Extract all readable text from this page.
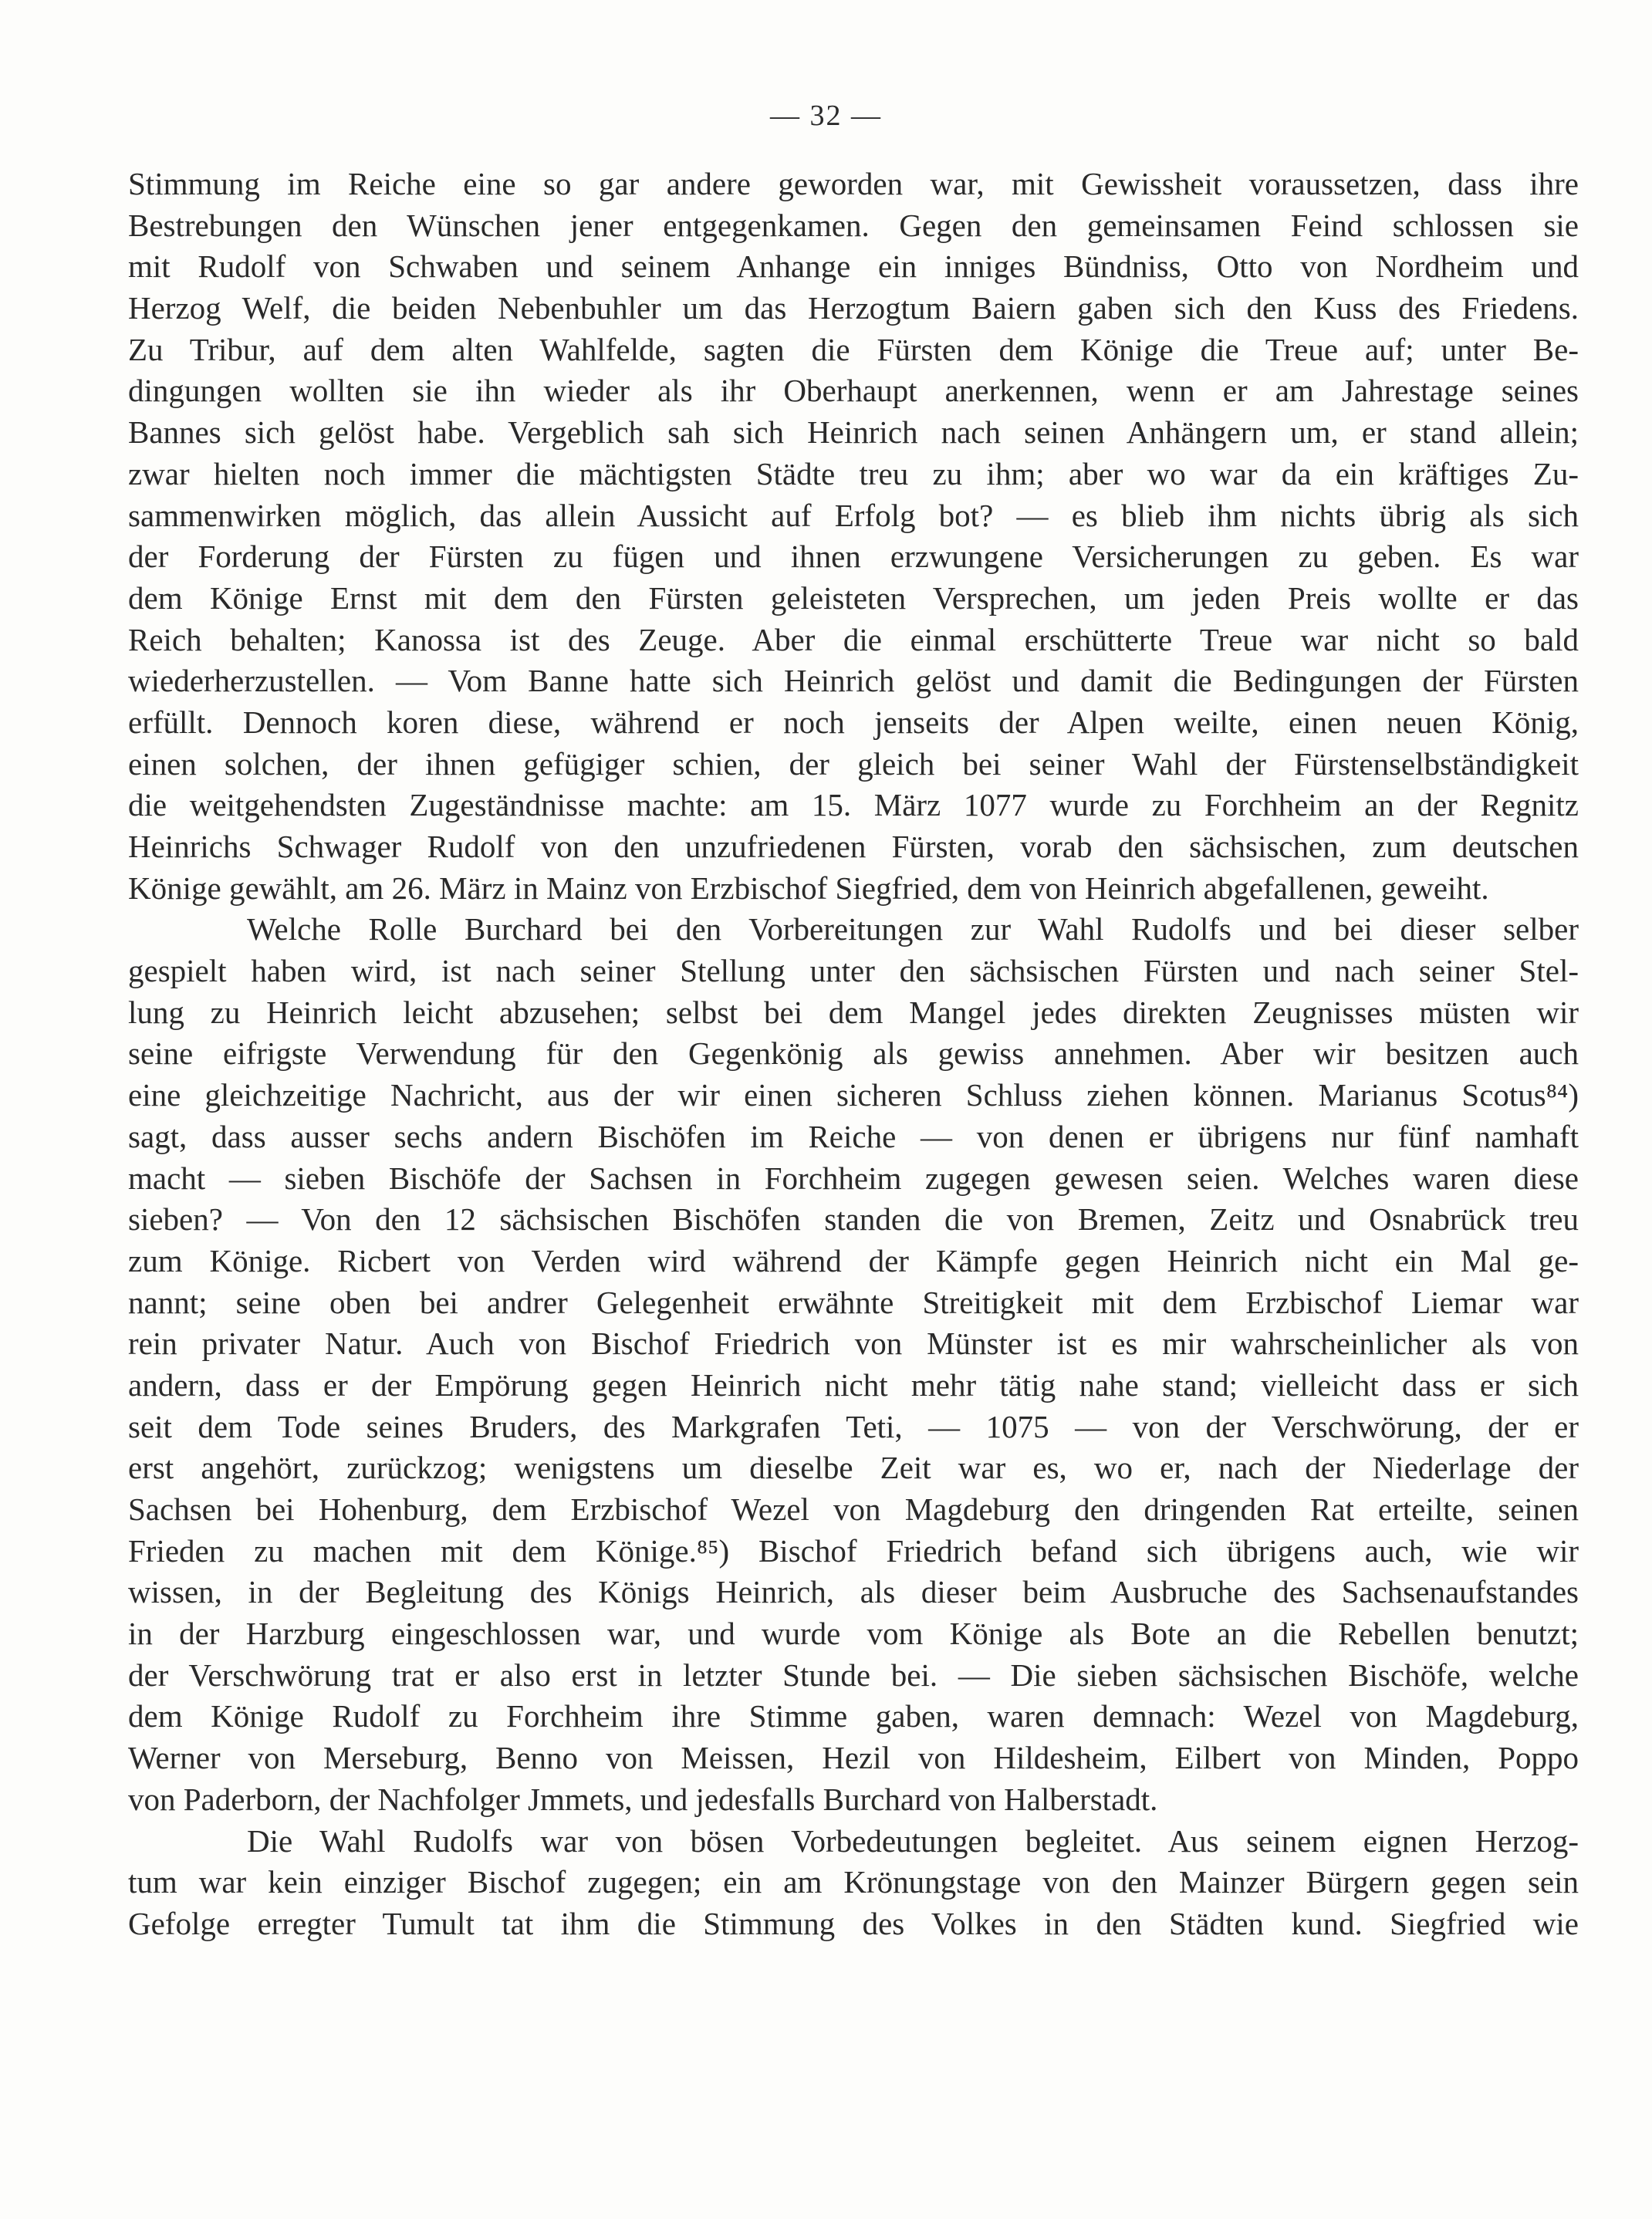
— 32 —
Stimmung im Reiche eine so gar andere geworden war, mit Gewissheit voraussetzen, dass ihre
Bestrebungen den Wünschen jener entgegenkamen. Gegen den gemeinsamen Feind schlossen sie
mit Rudolf von Schwaben und seinem Anhange ein inniges Bündniss, Otto von Nordheim und
Herzog Welf, die beiden Nebenbuhler um das Herzogtum Baiern gaben sich den Kuss des Friedens.
Zu Tribur, auf dem alten Wahlfelde, sagten die Fürsten dem Könige die Treue auf; unter Be-
dingungen wollten sie ihn wieder als ihr Oberhaupt anerkennen, wenn er am Jahrestage seines
Bannes sich gelöst habe. Vergeblich sah sich Heinrich nach seinen Anhängern um, er stand allein;
zwar hielten noch immer die mächtigsten Städte treu zu ihm; aber wo war da ein kräftiges Zu-
sammenwirken möglich, das allein Aussicht auf Erfolg bot? — es blieb ihm nichts übrig als sich
der Forderung der Fürsten zu fügen und ihnen erzwungene Versicherungen zu geben. Es war
dem Könige Ernst mit dem den Fürsten geleisteten Versprechen, um jeden Preis wollte er das
Reich behalten; Kanossa ist des Zeuge. Aber die einmal erschütterte Treue war nicht so bald
wiederherzustellen. — Vom Banne hatte sich Heinrich gelöst und damit die Bedingungen der Fürsten
erfüllt. Dennoch koren diese, während er noch jenseits der Alpen weilte, einen neuen König,
einen solchen, der ihnen gefügiger schien, der gleich bei seiner Wahl der Fürstenselbständigkeit
die weitgehendsten Zugeständnisse machte: am 15. März 1077 wurde zu Forchheim an der Regnitz
Heinrichs Schwager Rudolf von den unzufriedenen Fürsten, vorab den sächsischen, zum deutschen
Könige gewählt, am 26. März in Mainz von Erzbischof Siegfried, dem von Heinrich abgefallenen, geweiht.
Welche Rolle Burchard bei den Vorbereitungen zur Wahl Rudolfs und bei dieser selber
gespielt haben wird, ist nach seiner Stellung unter den sächsischen Fürsten und nach seiner Stel-
lung zu Heinrich leicht abzusehen; selbst bei dem Mangel jedes direkten Zeugnisses müsten wir
seine eifrigste Verwendung für den Gegenkönig als gewiss annehmen. Aber wir besitzen auch
eine gleichzeitige Nachricht, aus der wir einen sicheren Schluss ziehen können. Marianus Scotus⁸⁴)
sagt, dass ausser sechs andern Bischöfen im Reiche — von denen er übrigens nur fünf namhaft
macht — sieben Bischöfe der Sachsen in Forchheim zugegen gewesen seien. Welches waren diese
sieben? — Von den 12 sächsischen Bischöfen standen die von Bremen, Zeitz und Osnabrück treu
zum Könige. Ricbert von Verden wird während der Kämpfe gegen Heinrich nicht ein Mal ge-
nannt; seine oben bei andrer Gelegenheit erwähnte Streitigkeit mit dem Erzbischof Liemar war
rein privater Natur. Auch von Bischof Friedrich von Münster ist es mir wahrscheinlicher als von
andern, dass er der Empörung gegen Heinrich nicht mehr tätig nahe stand; vielleicht dass er sich
seit dem Tode seines Bruders, des Markgrafen Teti, — 1075 — von der Verschwörung, der er
erst angehört, zurückzog; wenigstens um dieselbe Zeit war es, wo er, nach der Niederlage der
Sachsen bei Hohenburg, dem Erzbischof Wezel von Magdeburg den dringenden Rat erteilte, seinen
Frieden zu machen mit dem Könige.⁸⁵) Bischof Friedrich befand sich übrigens auch, wie wir
wissen, in der Begleitung des Königs Heinrich, als dieser beim Ausbruche des Sachsenaufstandes
in der Harzburg eingeschlossen war, und wurde vom Könige als Bote an die Rebellen benutzt;
der Verschwörung trat er also erst in letzter Stunde bei. — Die sieben sächsischen Bischöfe, welche
dem Könige Rudolf zu Forchheim ihre Stimme gaben, waren demnach: Wezel von Magdeburg,
Werner von Merseburg, Benno von Meissen, Hezil von Hildesheim, Eilbert von Minden, Poppo
von Paderborn, der Nachfolger Jmmets, und jedesfalls Burchard von Halberstadt.
Die Wahl Rudolfs war von bösen Vorbedeutungen begleitet. Aus seinem eignen Herzog-
tum war kein einziger Bischof zugegen; ein am Krönungstage von den Mainzer Bürgern gegen sein
Gefolge erregter Tumult tat ihm die Stimmung des Volkes in den Städten kund. Siegfried wie
